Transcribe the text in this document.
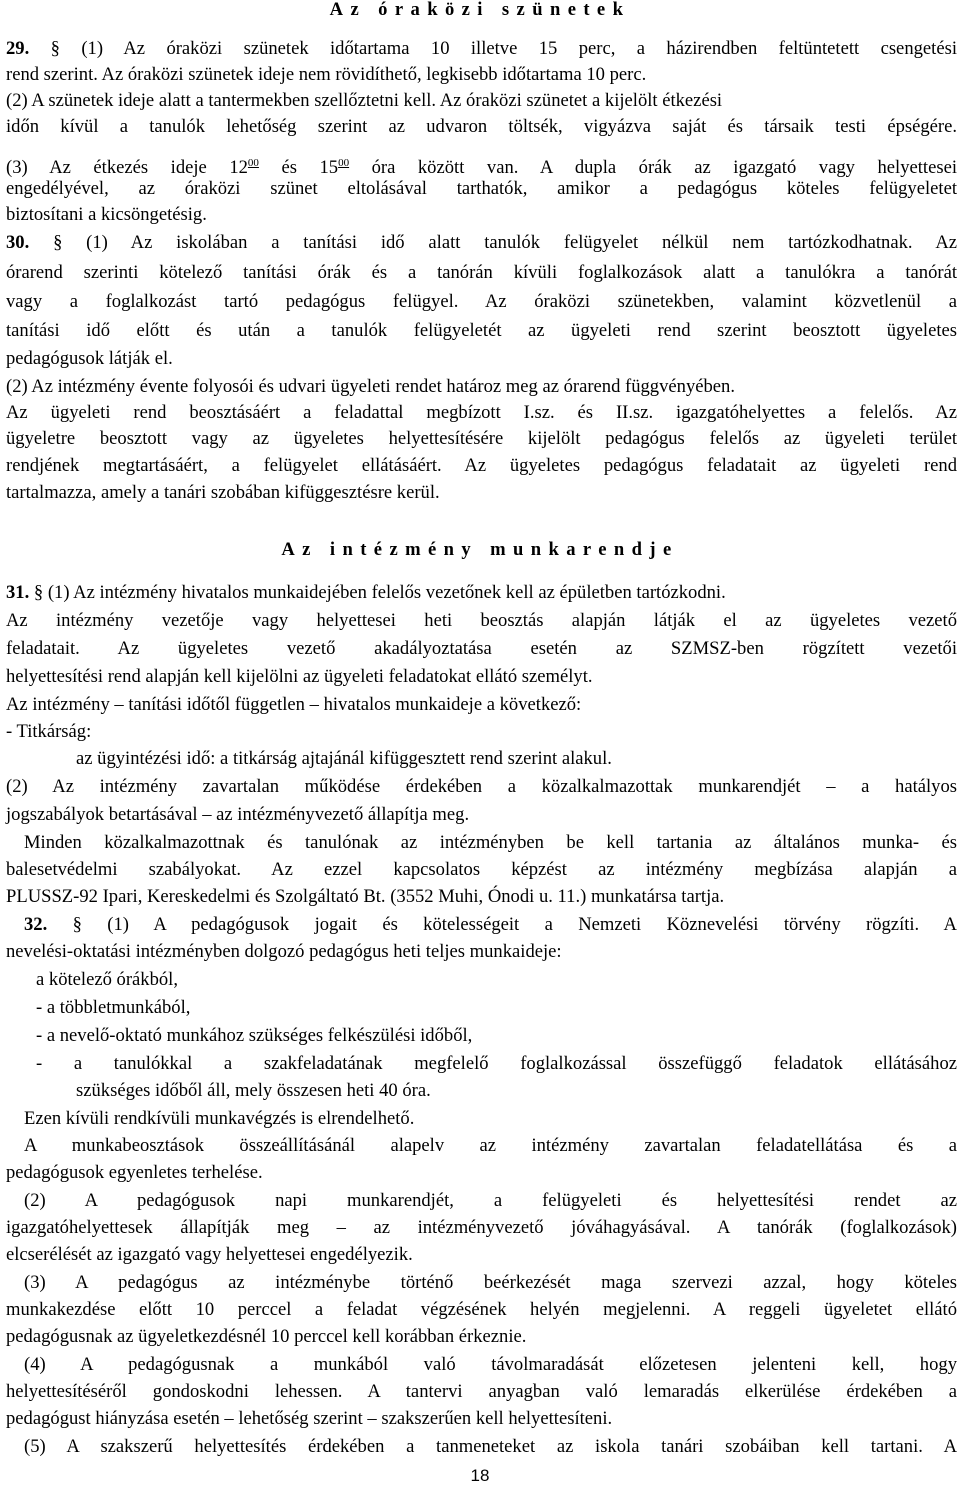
Az óraközi szünetek
29. § (1) Az óraközi szünetek időtartama 10 illetve 15 perc, a házirendben feltüntetett csengetési
rend szerint. Az óraközi szünetek ideje nem rövidíthető, legkisebb időtartama 10 perc.
(2) A szünetek ideje alatt a tantermekben szellőztetni kell. Az óraközi szünetet a kijelölt étkezési
időn kívül a tanulók lehetőség szerint az udvaron töltsék, vigyázva saját és társaik testi épségére.
(3) Az étkezés ideje $12^{00}$ és $15^{00}$ óra között van. A dupla órák az igazgató vagy helyettesei
engedélyével, az óraközi szünet eltolásával tarthatók, amikor a pedagógus köteles felügyeletet
biztosítani a kicsöngetésig.
30. § (1) Az iskolában a tanítási idő alatt tanulók felügyelet nélkül nem tartózkodhatnak. Az
órarend szerinti kötelező tanítási órák és a tanórán kívüli foglalkozások alatt a tanulókra a tanórát
vagy a foglalkozást tartó pedagógus felügyel. Az óraközi szünetekben, valamint közvetlenül a
tanítási idő előtt és után a tanulók felügyeletét az ügyeleti rend szerint beosztott ügyeletes
pedagógusok látják el.
(2) Az intézmény évente folyosói és udvari ügyeleti rendet határoz meg az órarend függvényében.
Az ügyeleti rend beosztásáért a feladattal megbízott I.sz. és II.sz. igazgatóhelyettes a felelős. Az
ügyeletre beosztott vagy az ügyeletes helyettesítésére kijelölt pedagógus felelős az ügyeleti terület
rendjének megtartásáért, a felügyelet ellátásáért. Az ügyeletes pedagógus feladatait az ügyeleti rend
tartalmazza, amely a tanári szobában kifüggesztésre kerül.
Az intézmény munkarendje
31. § (1) Az intézmény hivatalos munkaidejében felelős vezetőnek kell az épületben tartózkodni.
Az intézmény vezetője vagy helyettesei heti beosztás alapján látják el az ügyeletes vezető
feladatait. Az ügyeletes vezető akadályoztatása esetén az SZMSZ-ben rögzített vezetői
helyettesítési rend alapján kell kijelölni az ügyeleti feladatokat ellátó személyt.
Az intézmény – tanítási időtől független – hivatalos munkaideje a következő:
- Titkárság:
az ügyintézési idő: a titkárság ajtajánál kifüggesztett rend szerint alakul.
(2) Az intézmény zavartalan működése érdekében a közalkalmazottak munkarendjét – a hatályos
jogszabályok betartásával – az intézményvezető állapítja meg.
Minden közalkalmazottnak és tanulónak az intézményben be kell tartania az általános munka- és
balesetvédelmi szabályokat. Az ezzel kapcsolatos képzést az intézmény megbízása alapján a
PLUSSZ-92 Ipari, Kereskedelmi és Szolgáltató Bt. (3552 Muhi, Ónodi u. 11.) munkatársa tartja.
32. § (1) A pedagógusok jogait és kötelességeit a Nemzeti Köznevelési törvény rögzíti. A
nevelési-oktatási intézményben dolgozó pedagógus heti teljes munkaideje:
a kötelező órákból,
- a többletmunkából,
- a nevelő-oktató munkához szükséges felkészülési időből,
- a tanulókkal a szakfeladatának megfelelő foglalkozással összefüggő feladatok ellátásához
szükséges időből áll, mely összesen heti 40 óra.
Ezen kívüli rendkívüli munkavégzés is elrendelhető.
A munkabeosztások összeállításánál alapelv az intézmény zavartalan feladatellátása és a
pedagógusok egyenletes terhelése.
(2) A pedagógusok napi munkarendjét, a felügyeleti és helyettesítési rendet az
igazgatóhelyettesek állapítják meg – az intézményvezető jóváhagyásával. A tanórák (foglalkozások)
elcserélését az igazgató vagy helyettesei engedélyezik.
(3) A pedagógus az intézménybe történő beérkezését maga szervezi azzal, hogy köteles
munkakezdése előtt 10 perccel a feladat végzésének helyén megjelenni. A reggeli ügyeletet ellátó
pedagógusnak az ügyeletkezdésnél 10 perccel kell korábban érkeznie.
(4) A pedagógusnak a munkából való távolmaradását előzetesen jelenteni kell, hogy
helyettesítéséről gondoskodni lehessen. A tantervi anyagban való lemaradás elkerülése érdekében a
pedagógust hiányzása esetén – lehetőség szerint – szakszerűen kell helyettesíteni.
(5) A szakszerű helyettesítés érdekében a tanmeneteket az iskola tanári szobáiban kell tartani. A
18
